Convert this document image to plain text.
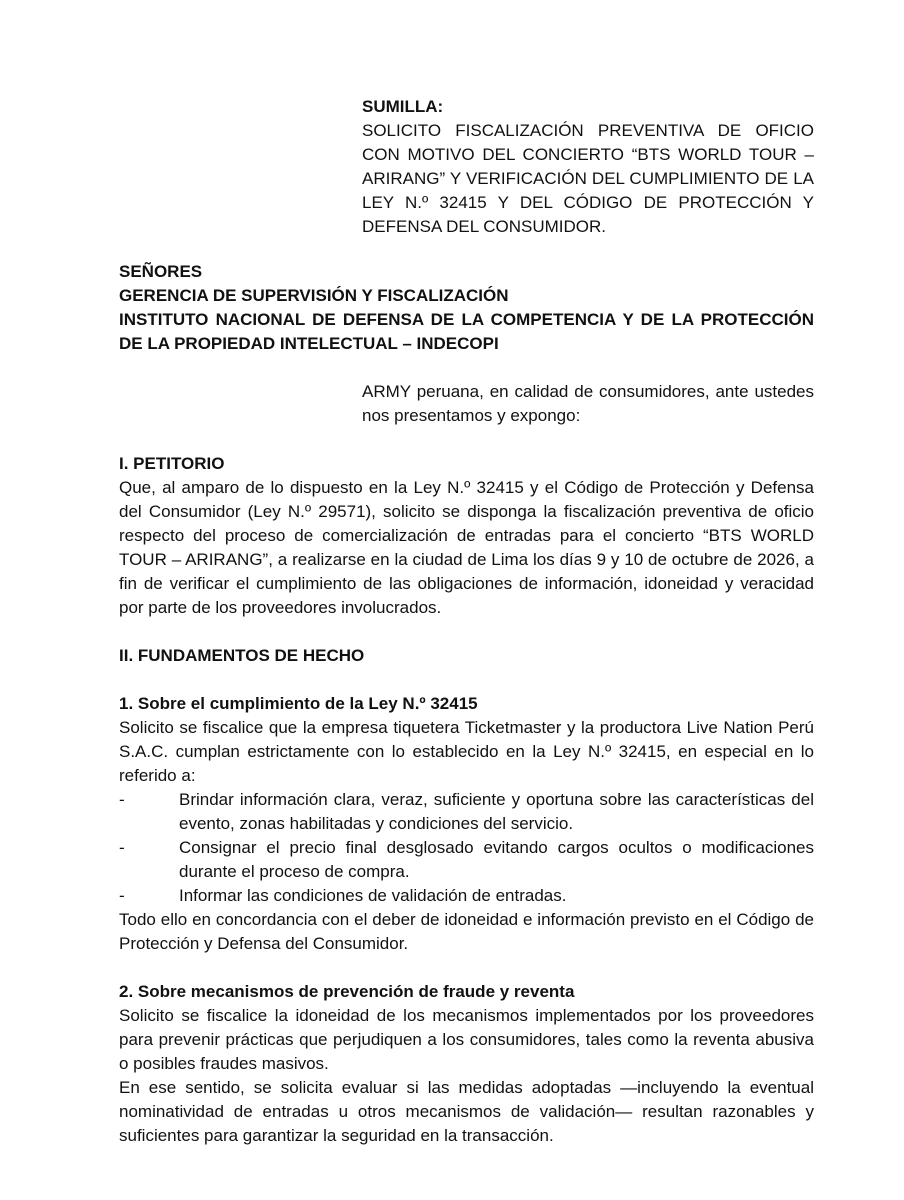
SUMILLA:

SOLICITO FISCALIZACIÓN PREVENTIVA DE OFICIO CON MOTIVO DEL CONCIERTO “BTS WORLD TOUR – ARIRANG” Y VERIFICACIÓN DEL CUMPLIMIENTO DE LA LEY N.º 32415 Y DEL CÓDIGO DE PROTECCIÓN Y DEFENSA DEL CONSUMIDOR.

SEÑORES

GERENCIA DE SUPERVISIÓN Y FISCALIZACIÓN

INSTITUTO NACIONAL DE DEFENSA DE LA COMPETENCIA Y DE LA PROTECCIÓN DE LA PROPIEDAD INTELECTUAL – INDECOPI

ARMY peruana, en calidad de consumidores, ante ustedes nos presentamos y expongo:

I. PETITORIO

Que, al amparo de lo dispuesto en la Ley N.º 32415 y el Código de Protección y Defensa del Consumidor (Ley N.º 29571), solicito se disponga la fiscalización preventiva de oficio respecto del proceso de comercialización de entradas para el concierto “BTS WORLD TOUR – ARIRANG”, a realizarse en la ciudad de Lima los días 9 y 10 de octubre de 2026, a fin de verificar el cumplimiento de las obligaciones de información, idoneidad y veracidad por parte de los proveedores involucrados.

II. FUNDAMENTOS DE HECHO

1. Sobre el cumplimiento de la Ley N.º 32415

Solicito se fiscalice que la empresa tiquetera Ticketmaster y la productora Live Nation Perú S.A.C. cumplan estrictamente con lo establecido en la Ley N.º 32415, en especial en lo referido a:

-	Brindar información clara, veraz, suficiente y oportuna sobre las características del evento, zonas habilitadas y condiciones del servicio.
-	Consignar el precio final desglosado evitando cargos ocultos o modificaciones durante el proceso de compra.
-	Informar las condiciones de validación de entradas.

Todo ello en concordancia con el deber de idoneidad e información previsto en el Código de Protección y Defensa del Consumidor.

2. Sobre mecanismos de prevención de fraude y reventa

Solicito se fiscalice la idoneidad de los mecanismos implementados por los proveedores para prevenir prácticas que perjudiquen a los consumidores, tales como la reventa abusiva o posibles fraudes masivos.

En ese sentido, se solicita evaluar si las medidas adoptadas —incluyendo la eventual nominatividad de entradas u otros mecanismos de validación— resultan razonables y suficientes para garantizar la seguridad en la transacción.
